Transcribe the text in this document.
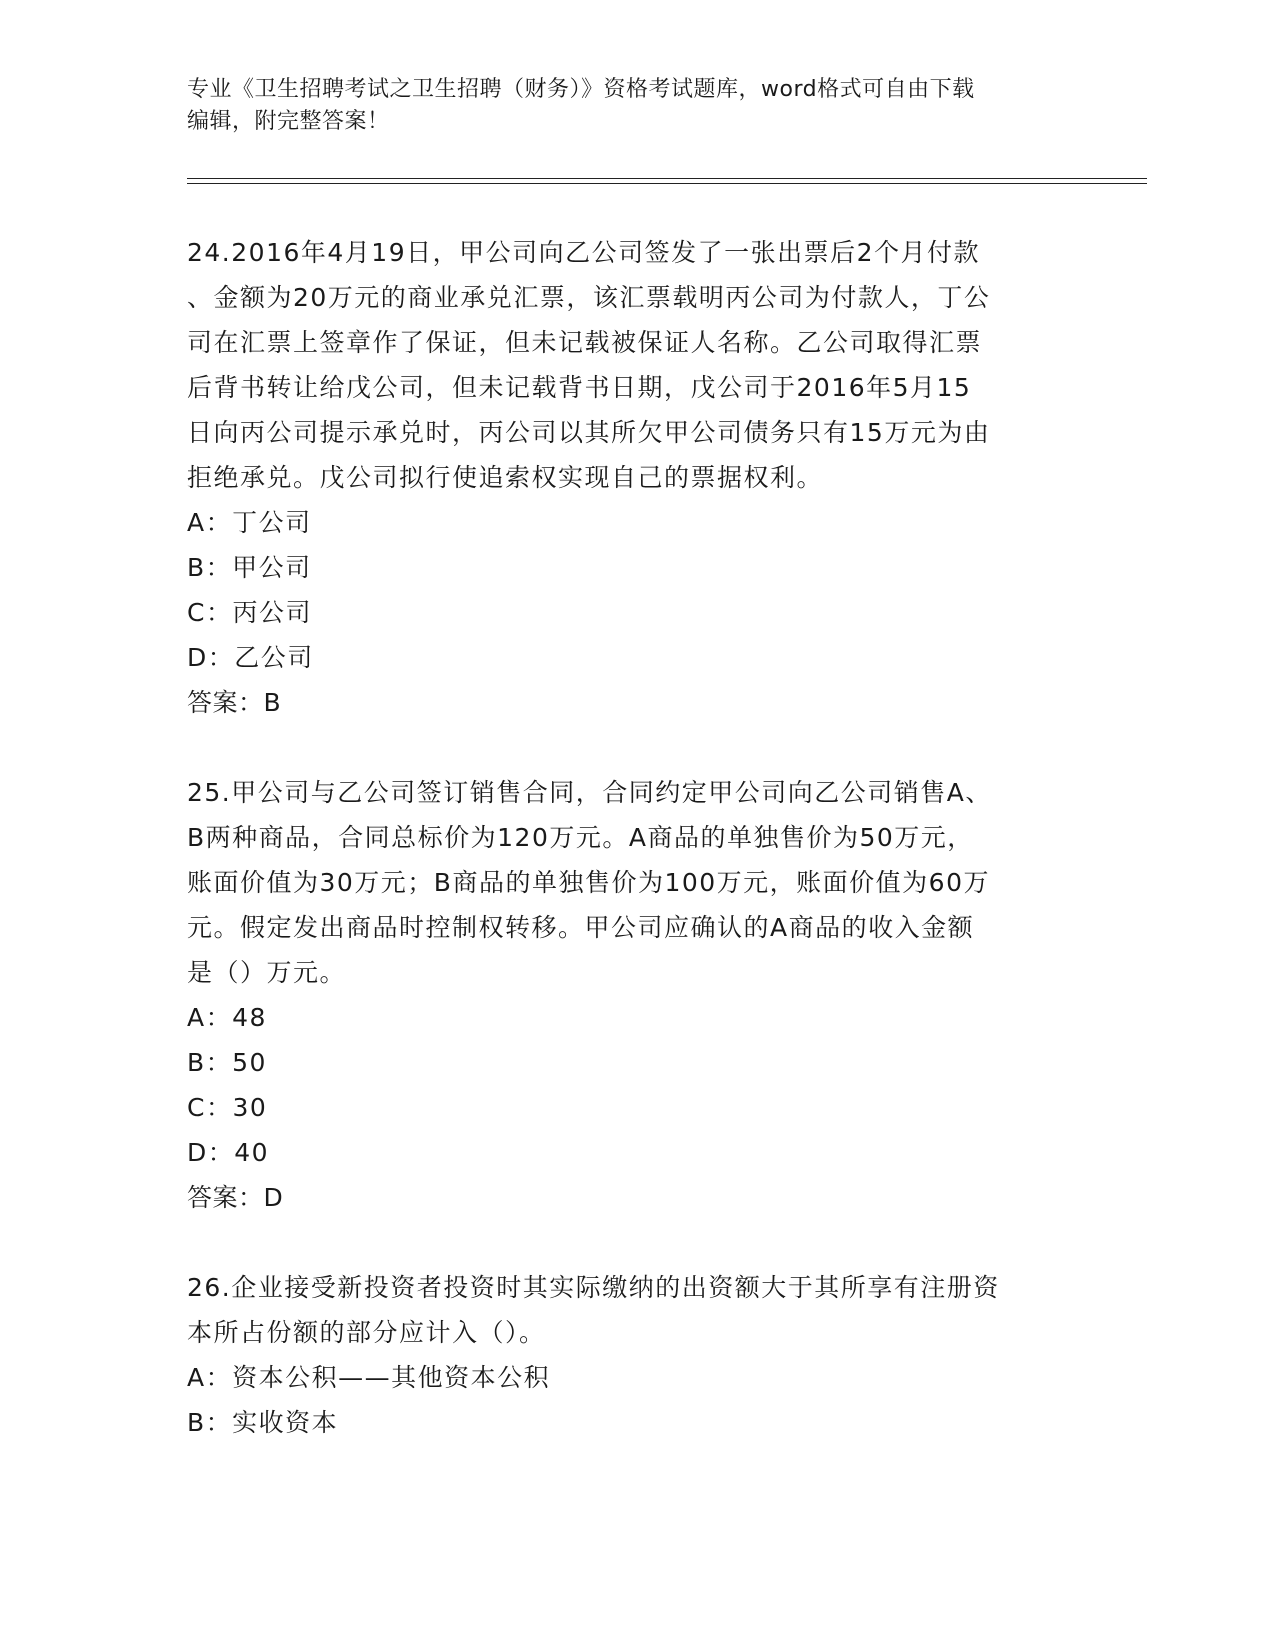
专业《卫生招聘考试之卫生招聘（财务）》资格考试题库，word格式可自由下载
编辑，附完整答案！
24.2016年4月19日，甲公司向乙公司签发了一张出票后2个月付款
、金额为20万元的商业承兑汇票，该汇票载明丙公司为付款人，丁公
司在汇票上签章作了保证，但未记载被保证人名称。乙公司取得汇票
后背书转让给戊公司，但未记载背书日期，戊公司于2016年5月15
日向丙公司提示承兑时，丙公司以其所欠甲公司债务只有15万元为由
拒绝承兑。戊公司拟行使追索权实现自己的票据权利。
A：丁公司
B：甲公司
C：丙公司
D：乙公司
答案：B
25.甲公司与乙公司签订销售合同，合同约定甲公司向乙公司销售A、
B两种商品，合同总标价为120万元。A商品的单独售价为50万元，
账面价值为30万元；B商品的单独售价为100万元，账面价值为60万
元。假定发出商品时控制权转移。甲公司应确认的A商品的收入金额
是（）万元。
A：48
B：50
C：30
D：40
答案：D
26.企业接受新投资者投资时其实际缴纳的出资额大于其所享有注册资
本所占份额的部分应计入（）。
A：资本公积——其他资本公积
B：实收资本
